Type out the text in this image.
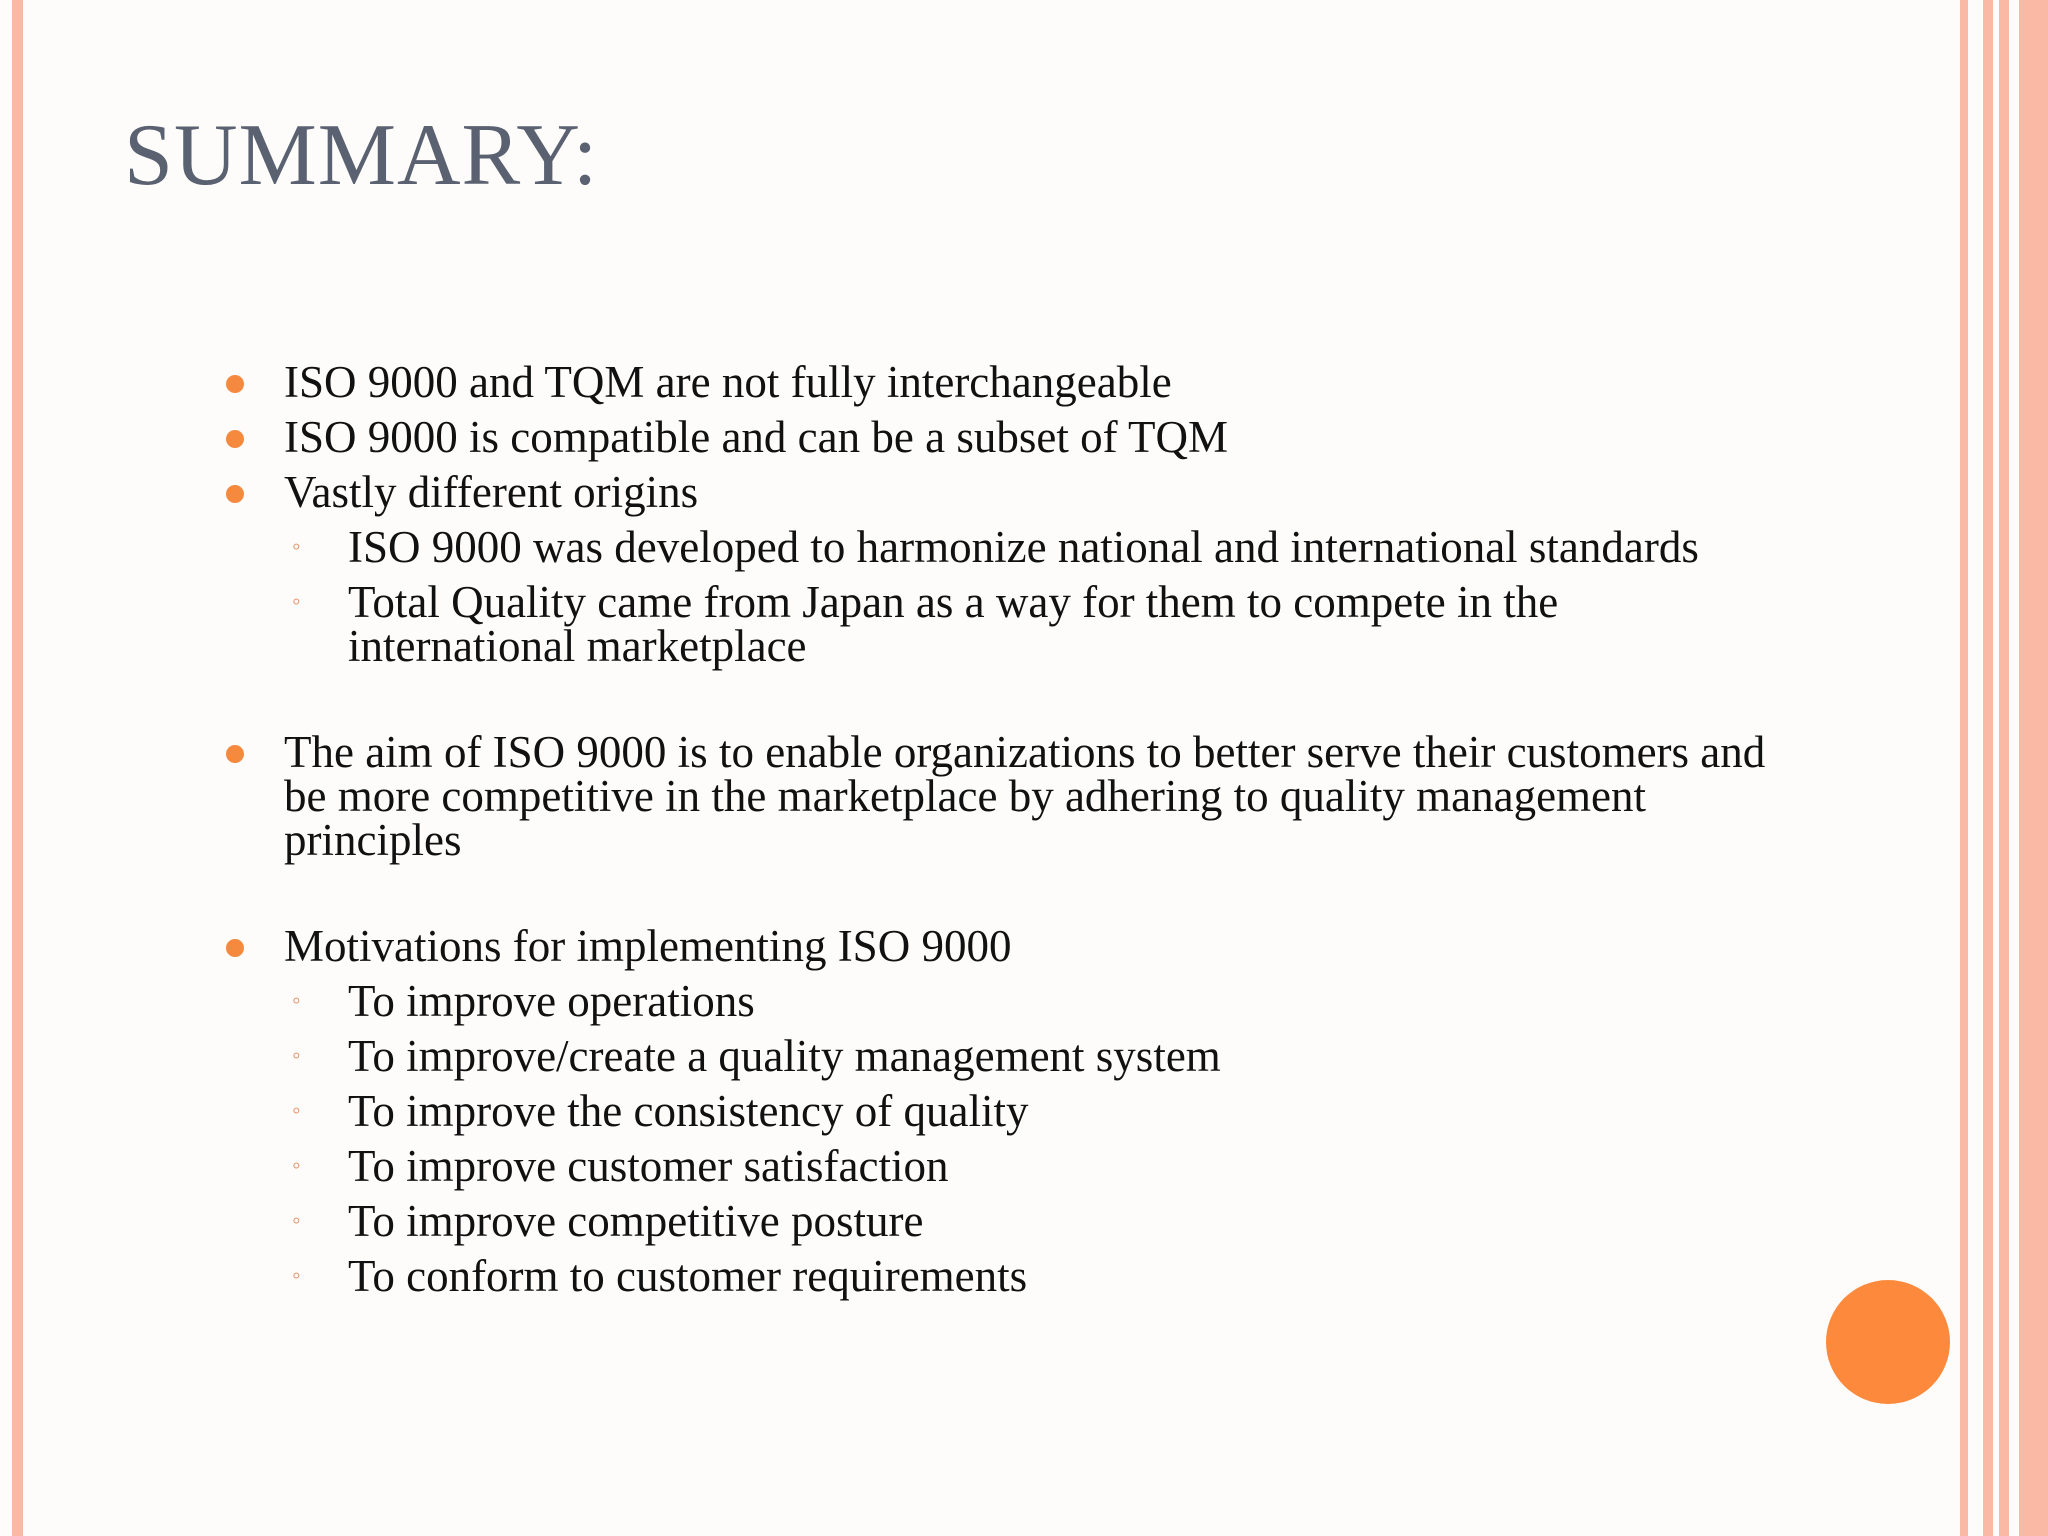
SUMMARY:
ISO 9000 and TQM are not fully interchangeable
ISO 9000 is compatible and can be a subset of TQM
Vastly different origins
◦ ISO 9000 was developed to harmonize national and international standards
◦ Total Quality came from Japan as a way for them to compete in the international marketplace
The aim of ISO 9000 is to enable organizations to better serve their customers and be more competitive in the marketplace by adhering to quality management principles
Motivations for implementing ISO 9000
◦ To improve operations
◦ To improve/create a quality management system
◦ To improve the consistency of quality
◦ To improve customer satisfaction
◦ To improve competitive posture
◦ To conform to customer requirements
